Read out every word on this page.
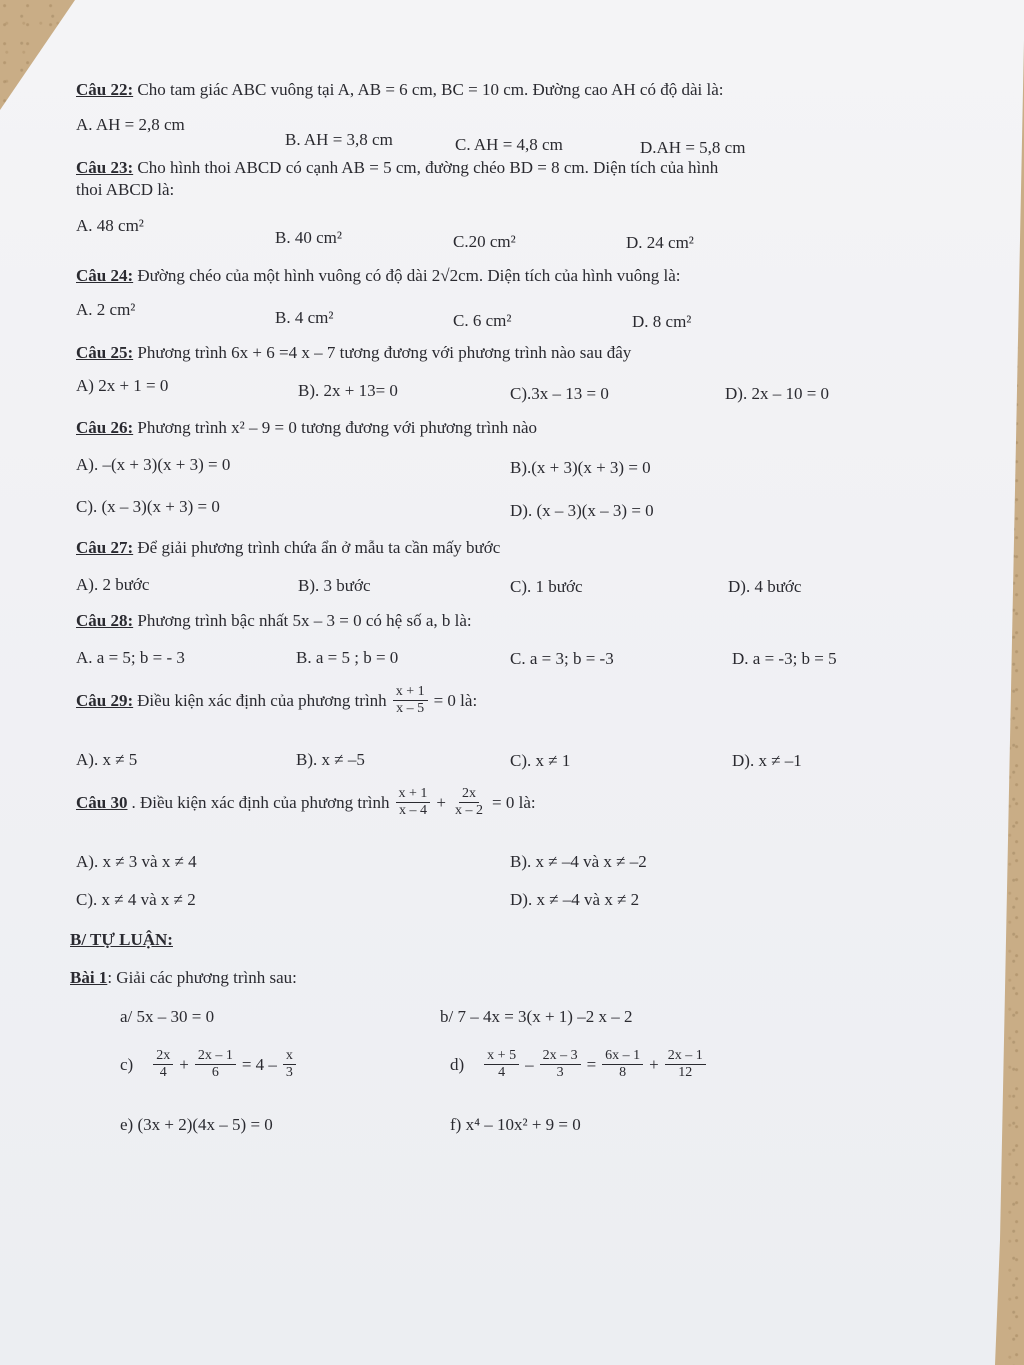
Câu 22: Cho tam giác ABC vuông tại A, AB = 6 cm, BC = 10 cm. Đường cao AH có độ dài là:
A. AH = 2,8 cm
B. AH = 3,8 cm	C. AH = 4,8 cm	D.AH = 5,8 cm
Câu 23: Cho hình thoi ABCD có cạnh AB = 5 cm, đường chéo BD = 8 cm. Diện tích của hình
thoi ABCD là:
A. 48 cm²
B. 40 cm²	C.20 cm²	D. 24 cm²
Câu 24: Đường chéo của một hình vuông có độ dài 2√2cm. Diện tích của hình vuông là:
A. 2 cm²	B. 4 cm²	C. 6 cm²	D. 8 cm²
Câu 25: Phương trình 6x + 6 =4 x – 7 tương đương với phương trình nào sau đây
A) 2x + 1 = 0	B). 2x + 13= 0	C).3x – 13 = 0	D). 2x – 10 = 0
Câu 26: Phương trình x² – 9 = 0 tương đương với phương trình nào
A). –(x + 3)(x + 3) = 0	B).(x + 3)(x + 3) = 0
C). (x – 3)(x + 3) = 0	D). (x – 3)(x – 3) = 0
Câu 27: Để giải phương trình chứa ẩn ở mẫu ta cần mấy bước
A). 2 bước	B). 3 bước	C). 1 bước	D). 4 bước
Câu 28: Phương trình bậc nhất 5x – 3 = 0 có hệ số a, b là:
A. a = 5; b = - 3	B. a = 5 ; b = 0	C. a = 3; b = -3	D. a = -3; b = 5
Câu 29: Điều kiện xác định của phương trình $\frac{x + 1}{x - 5} = 0$ là:
A). x ≠ 5	B). x ≠ –5	C). x ≠ 1	D). x ≠ –1
Câu 30 . Điều kiện xác định của phương trình $\frac{x + 1}{x - 4} + \frac{2x}{x - 2} = 0$ là:
A). x ≠ 3 và x ≠ 4	B). x ≠ –4 và x ≠ –2
C). x ≠ 4 và x ≠ 2	D). x ≠ –4 và x ≠ 2
B/ TỰ LUẬN:
Bài 1: Giải các phương trình sau:
a/ 5x – 30 = 0	b/ 7 – 4x = 3(x + 1) –2 x – 2
$c) \frac{2x}{4} + \frac{2x - 1}{6} = 4 - \frac{x}{3}$	$d) \frac{x + 5}{4} - \frac{2x - 3}{3} = \frac{6x - 1}{8} + \frac{2x - 1}{12}$
e) (3x + 2)(4x – 5) = 0	f) x⁴ – 10x² + 9 = 0
